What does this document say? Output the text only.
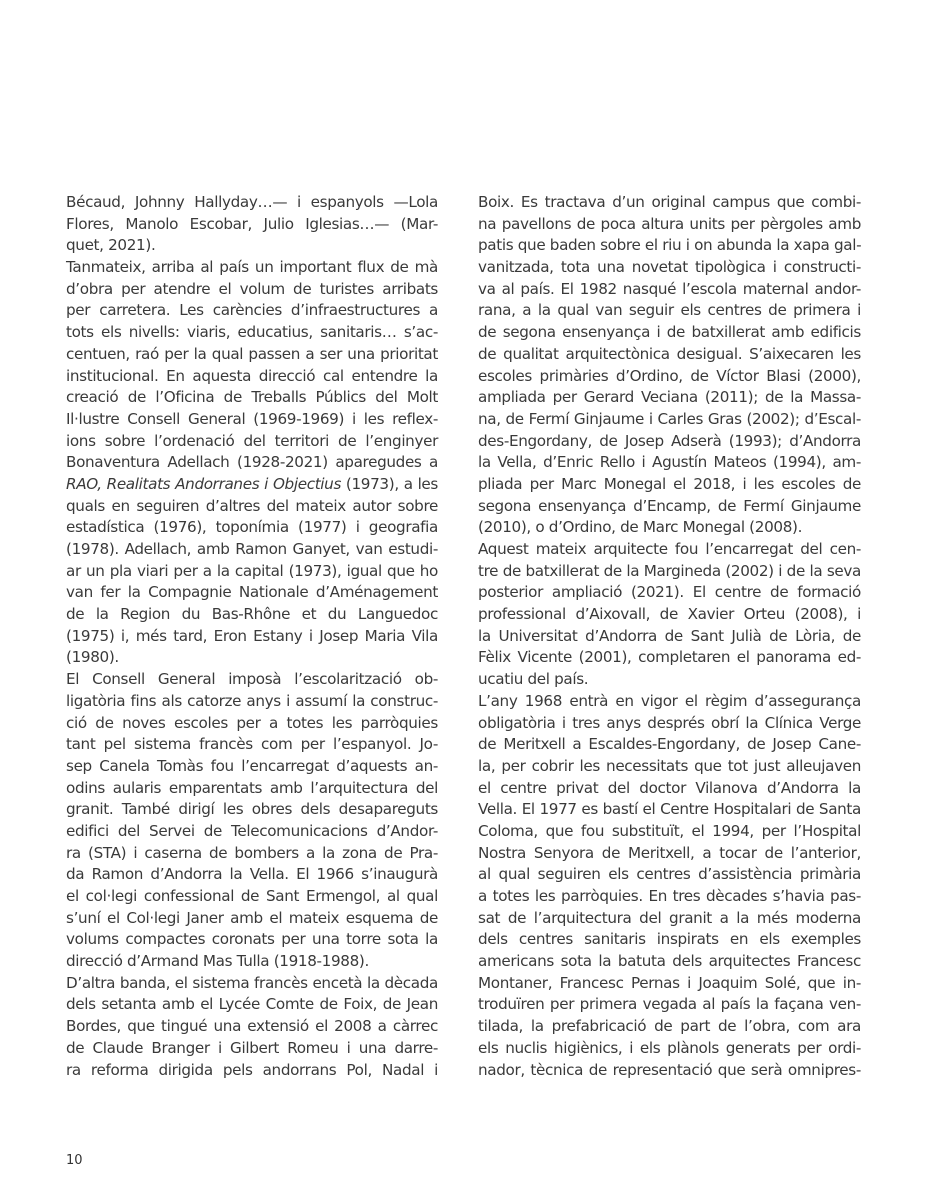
Bécaud, Johnny Hallyday…— i espanyols —Lola
Flores, Manolo Escobar, Julio Iglesias…— (Mar-
quet, 2021).
Tanmateix, arriba al país un important flux de mà
d’obra per atendre el volum de turistes arribats
per carretera. Les carències d’infraestructures a
tots els nivells: viaris, educatius, sanitaris… s’ac-
centuen, raó per la qual passen a ser una prioritat
institucional. En aquesta direcció cal entendre la
creació de l’Oficina de Treballs Públics del Molt
Il·lustre Consell General (1969-1969) i les reflex-
ions sobre l’ordenació del territori de l’enginyer
Bonaventura Adellach (1928-2021) aparegudes a
RAO, Realitats Andorranes i Objectius (1973), a les
quals en seguiren d’altres del mateix autor sobre
estadística (1976), toponímia (1977) i geografia
(1978). Adellach, amb Ramon Ganyet, van estudi-
ar un pla viari per a la capital (1973), igual que ho
van fer la Compagnie Nationale d’Aménagement
de la Region du Bas-Rhône et du Languedoc
(1975) i, més tard, Eron Estany i Josep Maria Vila
(1980).
El Consell General imposà l’escolarització ob-
ligatòria fins als catorze anys i assumí la construc-
ció de noves escoles per a totes les parròquies
tant pel sistema francès com per l’espanyol. Jo-
sep Canela Tomàs fou l’encarregat d’aquests an-
odins aularis emparentats amb l’arquitectura del
granit. També dirigí les obres dels desapareguts
edifici del Servei de Telecomunicacions d’Andor-
ra (STA) i caserna de bombers a la zona de Pra-
da Ramon d’Andorra la Vella. El 1966 s’inaugurà
el col·legi confessional de Sant Ermengol, al qual
s’uní el Col·legi Janer amb el mateix esquema de
volums compactes coronats per una torre sota la
direcció d’Armand Mas Tulla (1918-1988).
D’altra banda, el sistema francès encetà la dècada
dels setanta amb el Lycée Comte de Foix, de Jean
Bordes, que tingué una extensió el 2008 a càrrec
de Claude Branger i Gilbert Romeu i una darre-
ra reforma dirigida pels andorrans Pol, Nadal i
Boix. Es tractava d’un original campus que combi-
na pavellons de poca altura units per pèrgoles amb
patis que baden sobre el riu i on abunda la xapa gal-
vanitzada, tota una novetat tipològica i constructi-
va al país. El 1982 nasqué l’escola maternal andor-
rana, a la qual van seguir els centres de primera i
de segona ensenyança i de batxillerat amb edificis
de qualitat arquitectònica desigual. S’aixecaren les
escoles primàries d’Ordino, de Víctor Blasi (2000),
ampliada per Gerard Veciana (2011); de la Massa-
na, de Fermí Ginjaume i Carles Gras (2002); d’Escal-
des-Engordany, de Josep Adserà (1993); d’Andorra
la Vella, d’Enric Rello i Agustín Mateos (1994), am-
pliada per Marc Monegal el 2018, i les escoles de
segona ensenyança d’Encamp, de Fermí Ginjaume
(2010), o d’Ordino, de Marc Monegal (2008).
Aquest mateix arquitecte fou l’encarregat del cen-
tre de batxillerat de la Margineda (2002) i de la seva
posterior ampliació (2021). El centre de formació
professional d’Aixovall, de Xavier Orteu (2008), i
la Universitat d’Andorra de Sant Julià de Lòria, de
Fèlix Vicente (2001), completaren el panorama ed-
ucatiu del país.
L’any 1968 entrà en vigor el règim d’assegurança
obligatòria i tres anys després obrí la Clínica Verge
de Meritxell a Escaldes-Engordany, de Josep Cane-
la, per cobrir les necessitats que tot just alleujaven
el centre privat del doctor Vilanova d’Andorra la
Vella. El 1977 es bastí el Centre Hospitalari de Santa
Coloma, que fou substituït, el 1994, per l’Hospital
Nostra Senyora de Meritxell, a tocar de l’anterior,
al qual seguiren els centres d’assistència primària
a totes les parròquies. En tres dècades s’havia pas-
sat de l’arquitectura del granit a la més moderna
dels centres sanitaris inspirats en els exemples
americans sota la batuta dels arquitectes Francesc
Montaner, Francesc Pernas i Joaquim Solé, que in-
troduïren per primera vegada al país la façana ven-
tilada, la prefabricació de part de l’obra, com ara
els nuclis higiènics, i els plànols generats per ordi-
nador, tècnica de representació que serà omnipres-
10
